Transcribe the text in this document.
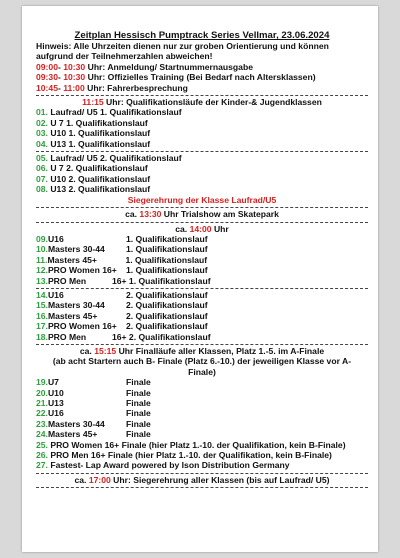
Zeitplan Hessisch Pumptrack Series Vellmar, 23.06.2024
Hinweis: Alle Uhrzeiten dienen nur zur groben Orientierung und können
aufgrund der Teilnehmerzahlen abweichen!
09:00- 10:30 Uhr: Anmeldung/ Startnummernausgabe
09:30- 10:30 Uhr: Offizielles Training (Bei Bedarf nach Altersklassen)
10:45- 11:00 Uhr: Fahrerbesprechung
11:15 Uhr: Qualifikationsläufe der Kinder-& Jugendklassen
01. Laufrad/ U5 1. Qualifikationslauf
02. U 7 1. Qualifikationslauf
03. U10 1. Qualifikationslauf
04. U13 1. Qualifikationslauf
05. Laufrad/ U5 2. Qualifikationslauf
06. U 7 2. Qualifikationslauf
07. U10 2. Qualifikationslauf
08. U13 2. Qualifikationslauf
Siegerehrung der Klasse Laufrad/U5
ca. 13:30 Uhr Trialshow am Skatepark
ca. 14:00 Uhr
09.U16	1. Qualifikationslauf
10.Masters 30-44 1. Qualifikationslauf
11.Masters 45+	1. Qualifikationslauf
12.PRO Women 16+ 1. Qualifikationslauf
13.PRO Men	16+ 1. Qualifikationslauf
14.U16	2. Qualifikationslauf
15.Masters 30-44 2. Qualifikationslauf
16.Masters 45+	2. Qualifikationslauf
17.PRO Women 16+ 2. Qualifikationslauf
18.PRO Men	16+ 2. Qualifikationslauf
ca. 15:15 Uhr Finalläufe aller Klassen, Platz 1.-5. im A-Finale
(ab acht Startern auch B- Finale (Platz 6.-10.) der jeweiligen Klasse vor A- Finale)
19.U7	Finale
20.U10	Finale
21.U13	Finale
22.U16	Finale
23.Masters 30-44 Finale
24.Masters 45+	Finale
25. PRO Women 16+ Finale (hier Platz 1.-10. der Qualifikation, kein B-Finale)
26. PRO Men 16+ Finale (hier Platz 1.-10. der Qualifikation, kein B-Finale)
27. Fastest- Lap Award powered by Ison Distribution Germany
ca. 17:00 Uhr: Siegerehrung aller Klassen (bis auf Laufrad/ U5)
